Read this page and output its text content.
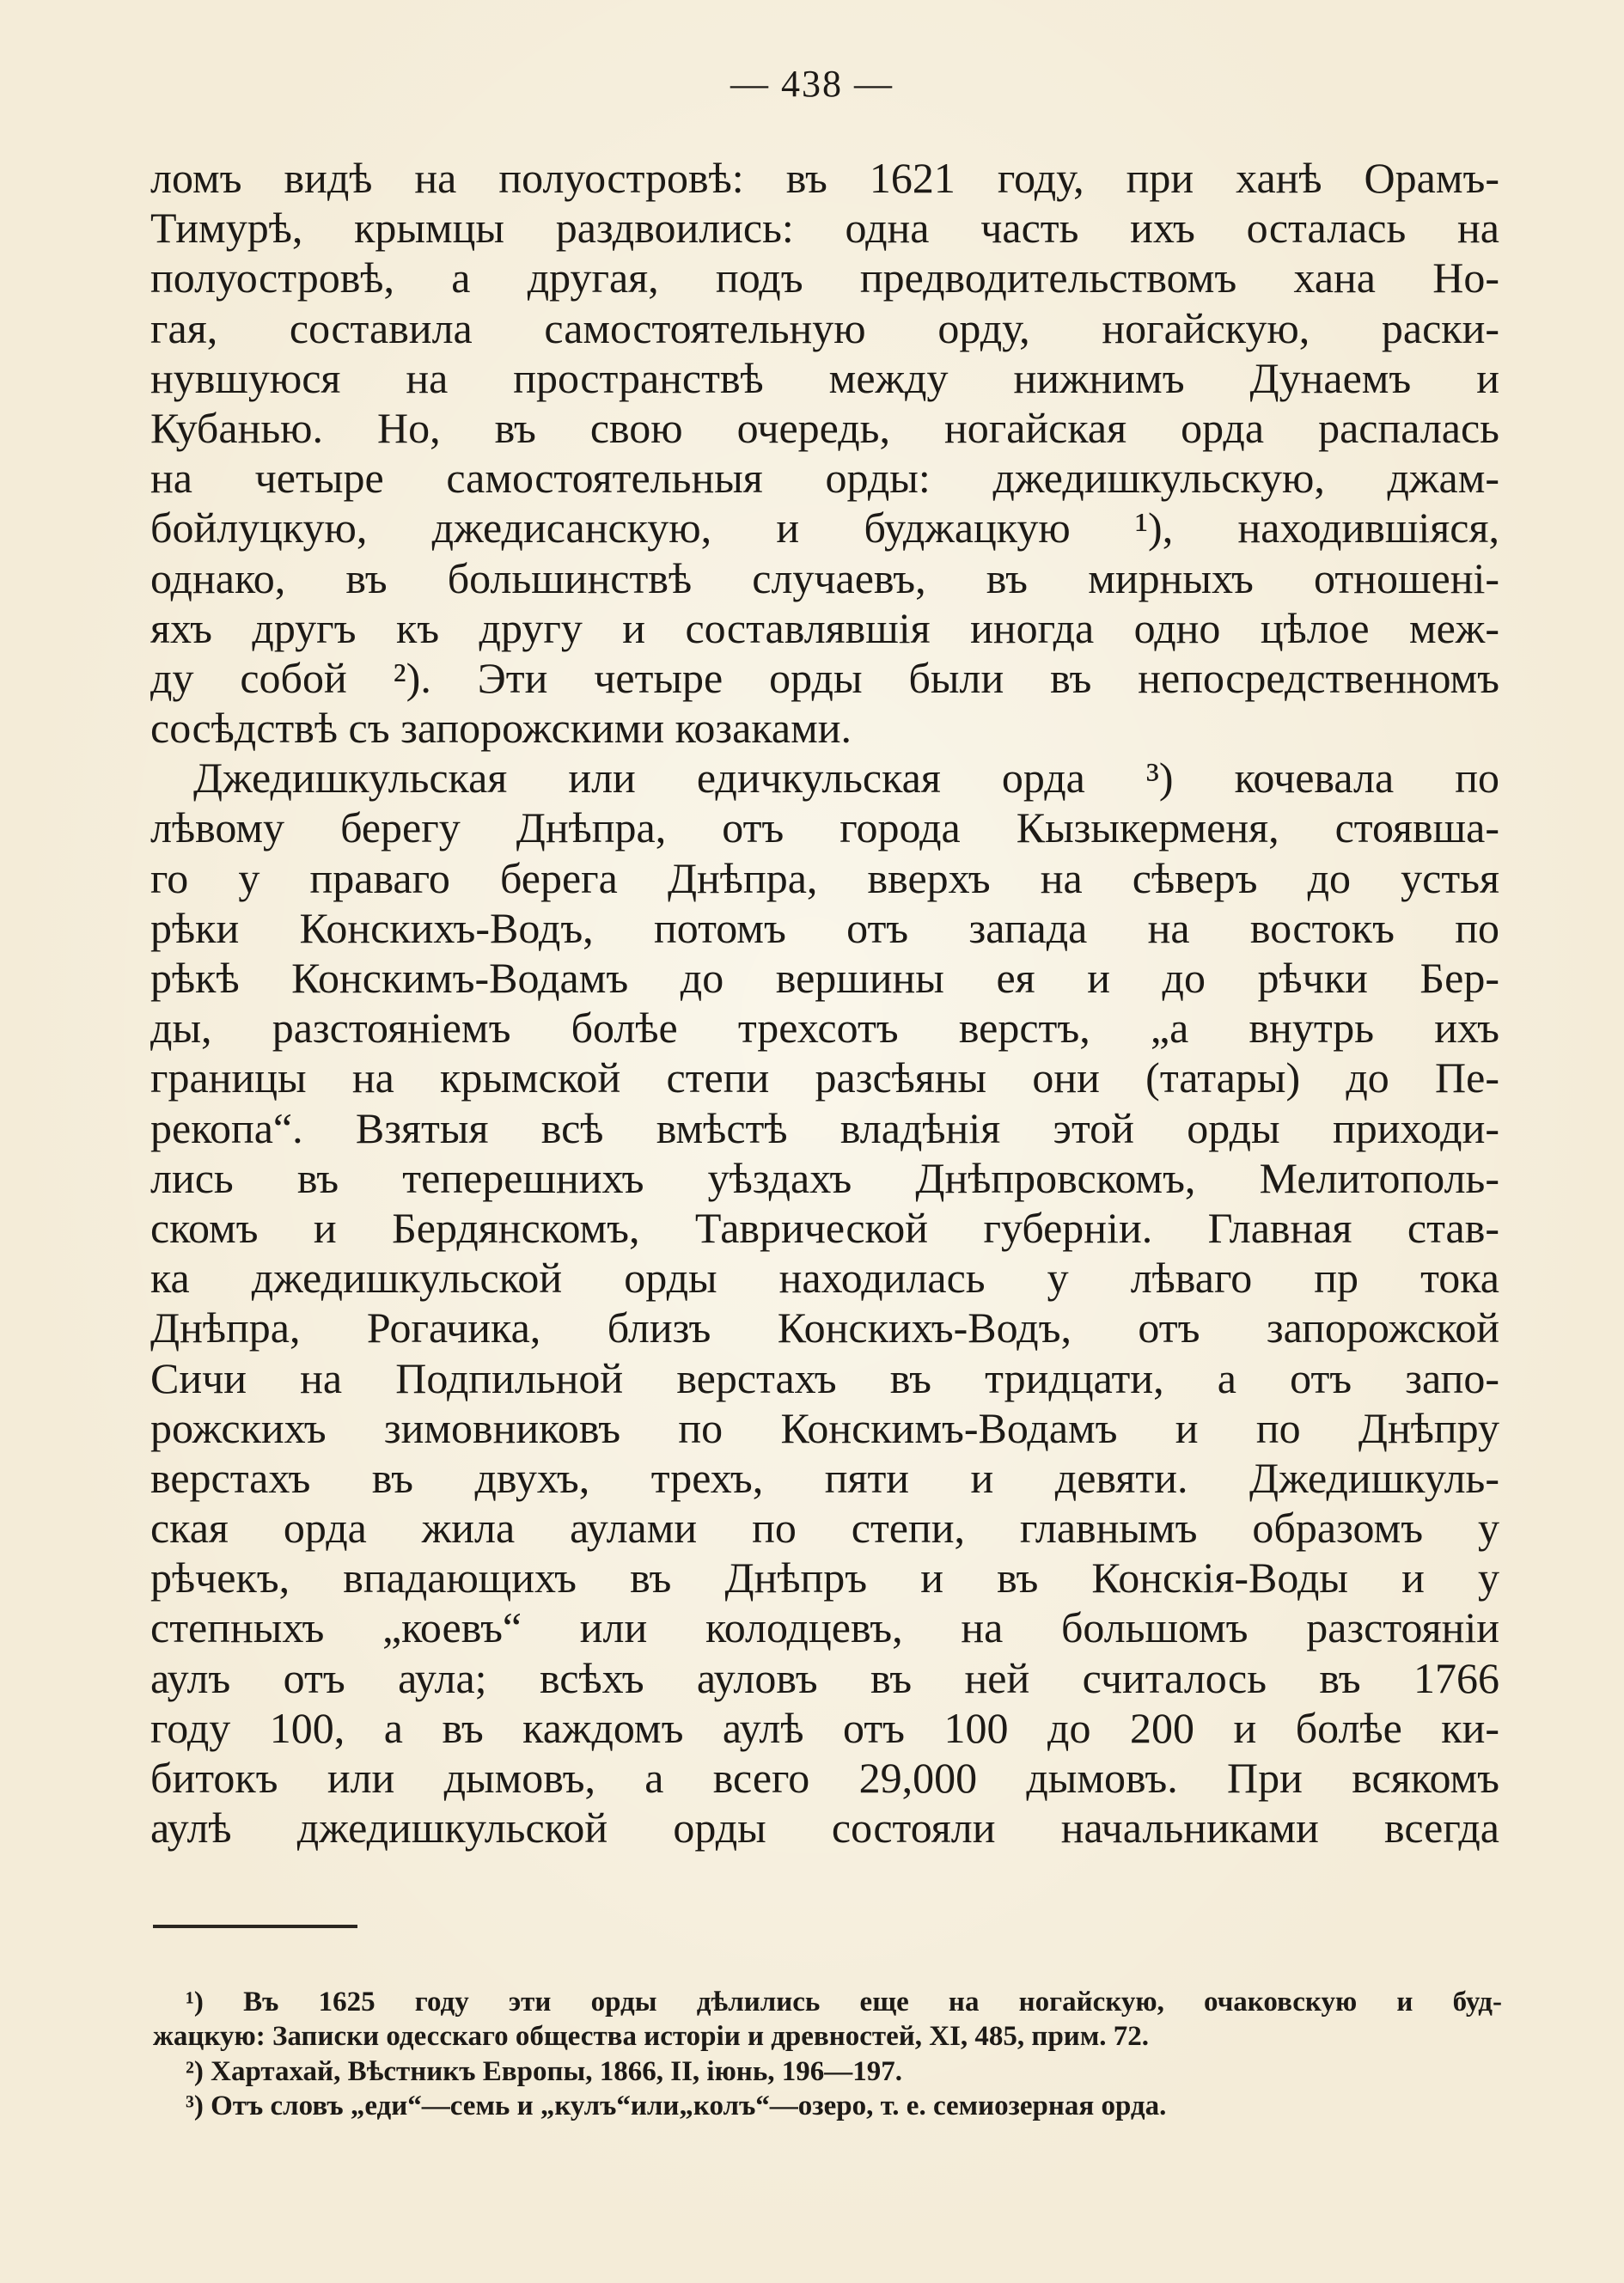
— 438 —
ломъ видѣ на полуостровѣ: въ 1621 году, при ханѣ Орамъ-
Тимурѣ, крымцы раздвоились: одна часть ихъ осталась на
полуостровѣ, а другая, подъ предводительствомъ хана Но-
гая, составила самостоятельную орду, ногайскую, раски-
нувшуюся на пространствѣ между нижнимъ Дунаемъ и
Кубанью. Но, въ свою очередь, ногайская орда распалась
на четыре самостоятельныя орды: джедишкульскую, джам-
бойлуцкую, джедисанскую, и буджацкую ¹), находившіяся,
однако, въ большинствѣ случаевъ, въ мирныхъ отношені-
яхъ другъ къ другу и составлявшія иногда одно цѣлое меж-
ду собой ²). Эти четыре орды были въ непосредственномъ
сосѣдствѣ съ запорожскими козаками.
Джедишкульская или едичкульская орда ³) кочевала по
лѣвому берегу Днѣпра, отъ города Кызыкерменя, стоявша-
го у праваго берега Днѣпра, вверхъ на сѣверъ до устья
рѣки Конскихъ-Водъ, потомъ отъ запада на востокъ по
рѣкѣ Конскимъ-Водамъ до вершины ея и до рѣчки Бер-
ды, разстояніемъ болѣе трехсотъ верстъ, „а внутрь ихъ
границы на крымской степи разсѣяны они (татары) до Пе-
рекопа“. Взятыя всѣ вмѣстѣ владѣнія этой орды приходи-
лись въ теперешнихъ уѣздахъ Днѣпровскомъ, Мелитополь-
скомъ и Бердянскомъ, Таврической губерніи. Главная став-
ка джедишкульской орды находилась у лѣваго пр тока
Днѣпра, Рогачика, близъ Конскихъ-Водъ, отъ запорожской
Сичи на Подпильной верстахъ въ тридцати, а отъ запо-
рожскихъ зимовниковъ по Конскимъ-Водамъ и по Днѣпру
верстахъ въ двухъ, трехъ, пяти и девяти. Джедишкуль-
ская орда жила аулами по степи, главнымъ образомъ у
рѣчекъ, впадающихъ въ Днѣпръ и въ Конскія-Воды и у
степныхъ „коевъ“ или колодцевъ, на большомъ разстояніи
аулъ отъ аула; всѣхъ ауловъ въ ней считалось въ 1766
году 100, а въ каждомъ аулѣ отъ 100 до 200 и болѣе ки-
битокъ или дымовъ, а всего 29,000 дымовъ. При всякомъ
аулѣ джедишкульской орды состояли начальниками всегда
¹) Въ 1625 году эти орды дѣлились еще на ногайскую, очаковскую и буд-
жацкую: Записки одесскаго общества исторіи и древностей, XI, 485, прим. 72.
²) Хартахай, Вѣстникъ Европы, 1866, II, іюнь, 196—197.
³) Отъ словъ „еди“—семь и „кулъ“или„колъ“—озеро, т. е. семиозерная орда.
